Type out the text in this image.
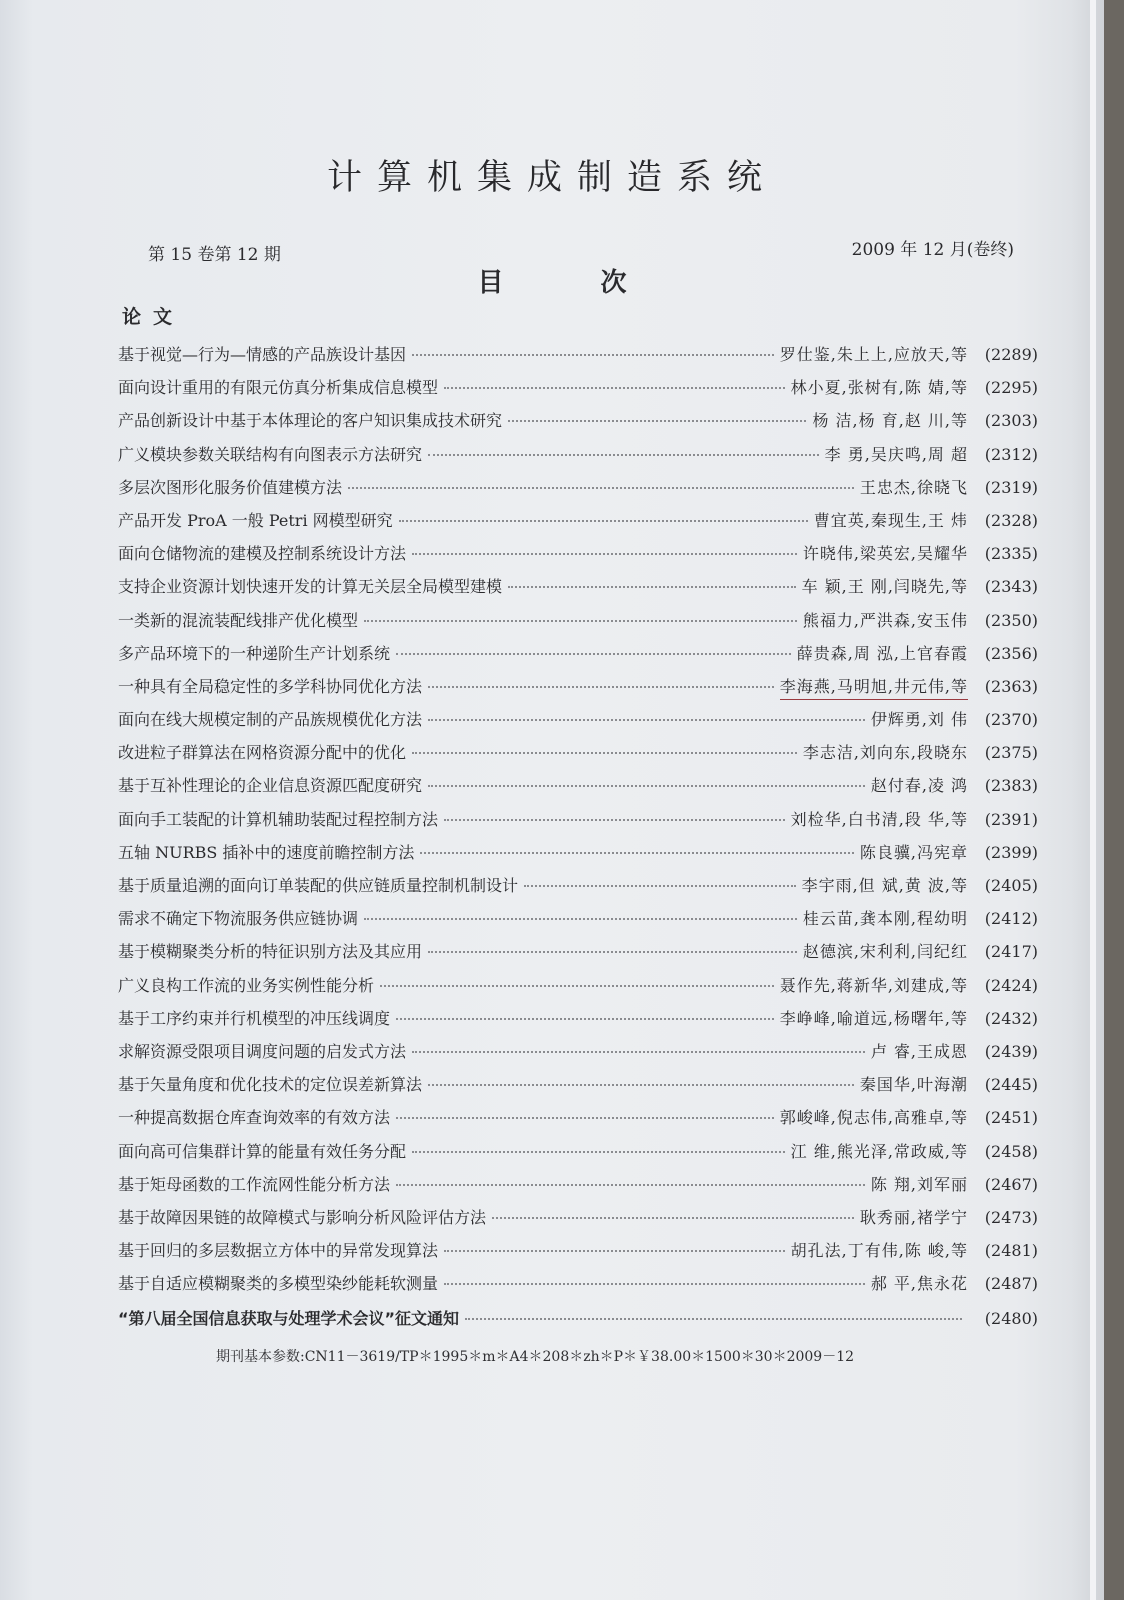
计算机集成制造系统
第 15 卷第 12 期	2009 年 12 月(卷终)
目 次
论文
基于视觉—行为—情感的产品族设计基因	罗仕鉴,朱上上,应放天,等	(2289)
面向设计重用的有限元仿真分析集成信息模型	林小夏,张树有,陈 婧,等	(2295)
产品创新设计中基于本体理论的客户知识集成技术研究	杨 洁,杨 育,赵 川,等	(2303)
广义模块参数关联结构有向图表示方法研究	李 勇,吴庆鸣,周 超	(2312)
多层次图形化服务价值建模方法	王忠杰,徐晓飞	(2319)
产品开发 ProA 一般 Petri 网模型研究	曹宜英,秦现生,王 炜	(2328)
面向仓储物流的建模及控制系统设计方法	许晓伟,梁英宏,吴耀华	(2335)
支持企业资源计划快速开发的计算无关层全局模型建模	车 颖,王 刚,闫晓先,等	(2343)
一类新的混流装配线排产优化模型	熊福力,严洪森,安玉伟	(2350)
多产品环境下的一种递阶生产计划系统	薛贵森,周 泓,上官春霞	(2356)
一种具有全局稳定性的多学科协同优化方法	李海燕,马明旭,井元伟,等	(2363)
面向在线大规模定制的产品族规模优化方法	伊辉勇,刘 伟	(2370)
改进粒子群算法在网格资源分配中的优化	李志洁,刘向东,段晓东	(2375)
基于互补性理论的企业信息资源匹配度研究	赵付春,凌 鸿	(2383)
面向手工装配的计算机辅助装配过程控制方法	刘检华,白书清,段 华,等	(2391)
五轴 NURBS 插补中的速度前瞻控制方法	陈良骥,冯宪章	(2399)
基于质量追溯的面向订单装配的供应链质量控制机制设计	李宇雨,但 斌,黄 波,等	(2405)
需求不确定下物流服务供应链协调	桂云苗,龚本刚,程幼明	(2412)
基于模糊聚类分析的特征识别方法及其应用	赵德滨,宋利利,闫纪红	(2417)
广义良构工作流的业务实例性能分析	聂作先,蒋新华,刘建成,等	(2424)
基于工序约束并行机模型的冲压线调度	李峥峰,喻道远,杨曙年,等	(2432)
求解资源受限项目调度问题的启发式方法	卢 睿,王成恩	(2439)
基于矢量角度和优化技术的定位误差新算法	秦国华,叶海潮	(2445)
一种提高数据仓库查询效率的有效方法	郭峻峰,倪志伟,高雅卓,等	(2451)
面向高可信集群计算的能量有效任务分配	江 维,熊光泽,常政威,等	(2458)
基于矩母函数的工作流网性能分析方法	陈 翔,刘军丽	(2467)
基于故障因果链的故障模式与影响分析风险评估方法	耿秀丽,褚学宁	(2473)
基于回归的多层数据立方体中的异常发现算法	胡孔法,丁有伟,陈 峻,等	(2481)
基于自适应模糊聚类的多模型染纱能耗软测量	郝 平,焦永花	(2487)
“第八届全国信息获取与处理学术会议”征文通知	(2480)
期刊基本参数:CN11－3619/TP＊1995＊m＊A4＊208＊zh＊P＊￥38.00＊1500＊30＊2009－12
